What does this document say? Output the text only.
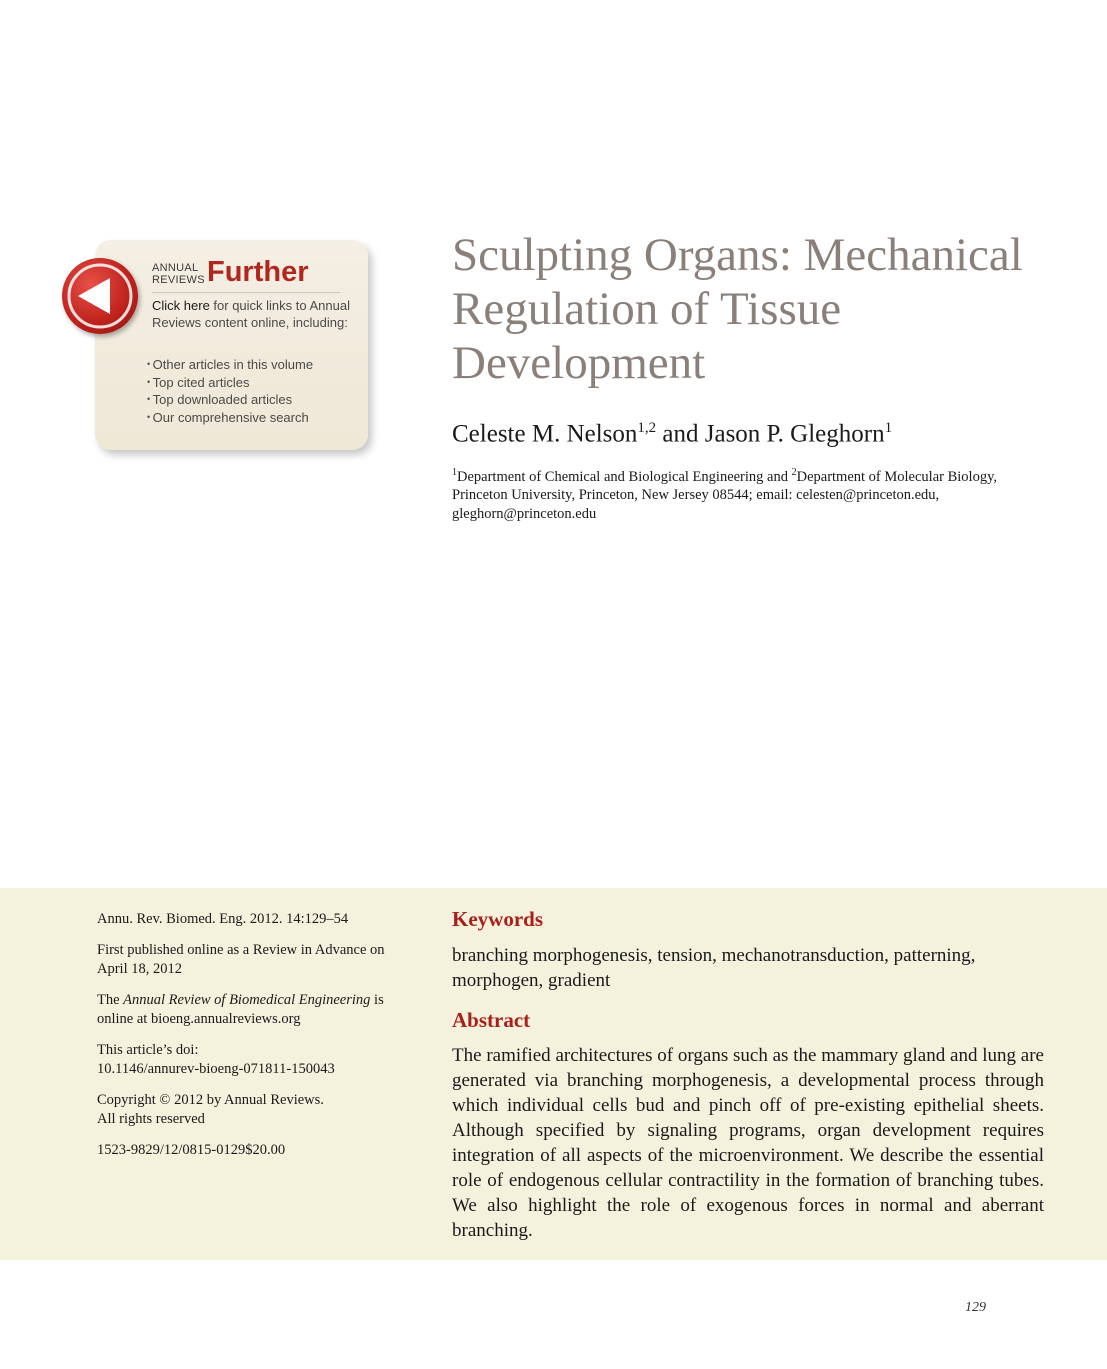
ANNUAL
REVIEWS Further
Click here for quick links to Annual Reviews content online, including:
• Other articles in this volume
• Top cited articles
• Top downloaded articles
• Our comprehensive search
Sculpting Organs: Mechanical Regulation of Tissue Development
Celeste M. Nelson$^{1,2}$ and Jason P. Gleghorn$^1$
$^1$Department of Chemical and Biological Engineering and $^2$Department of Molecular Biology, Princeton University, Princeton, New Jersey 08544; email: celesten@princeton.edu, gleghorn@princeton.edu

Annu. Rev. Biomed. Eng. 2012. 14:129–54

First published online as a Review in Advance on April 18, 2012

The Annual Review of Biomedical Engineering is online at bioeng.annualreviews.org

This article’s doi:
10.1146/annurev-bioeng-071811-150043

Copyright © 2012 by Annual Reviews.
All rights reserved

1523-9829/12/0815-0129$20.00

Keywords
branching morphogenesis, tension, mechanotransduction, patterning, morphogen, gradient
Abstract
The ramified architectures of organs such as the mammary gland and lung are generated via branching morphogenesis, a developmental process through which individual cells bud and pinch off of pre-existing epithelial sheets. Although specified by signaling programs, organ development requires integration of all aspects of the microenvironment. We describe the essential role of endogenous cellular contractility in the formation of branching tubes. We also highlight the role of exogenous forces in normal and aberrant branching.
129
